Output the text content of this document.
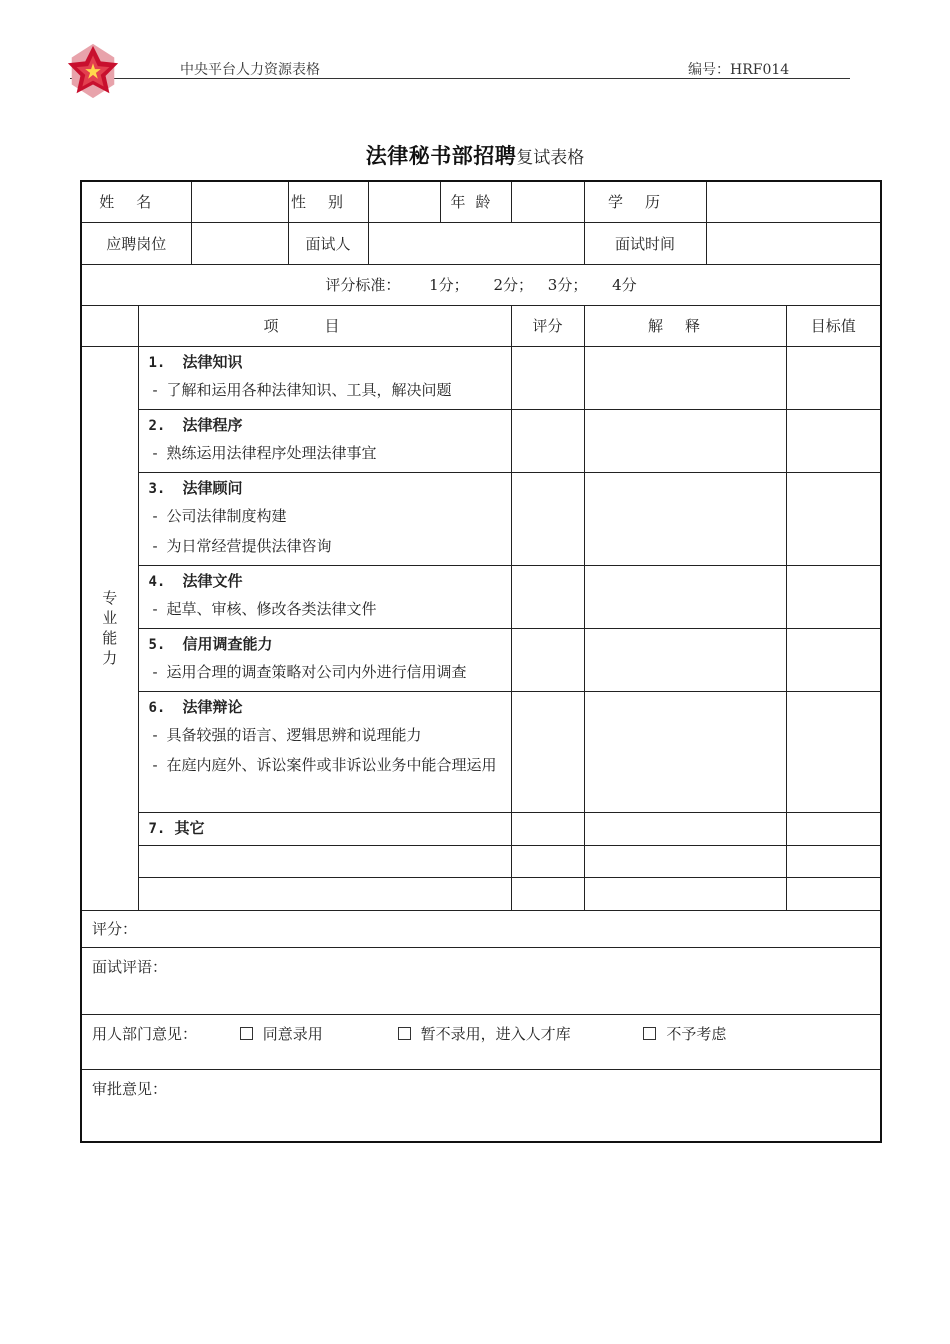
中央平台人力资源表格	编号：HRF014
法律秘书部招聘复试表格
姓名			性别		年龄		学历		
应聘岗位			面试人				面试时间		
评分标准： 1分； 2分； 3分； 4分									
	项目					评分	解释		目标值

专业能力	1. 法律知识
- 了解和运用各种法律知识、工具，解决问题								

	2. 法律程序
- 熟练运用法律程序处理法律事宜								

	3. 法律顾问
- 公司法律制度构建
- 为日常经营提供法律咨询								

	4. 法律文件
- 起草、审核、修改各类法律文件								

	5. 信用调查能力
- 运用合理的调查策略对公司内外进行信用调查								

	6. 法律辩论
- 具备较强的语言、逻辑思辨和说理能力
- 在庭内庭外、诉讼案件或非诉讼业务中能合理运用								

	7. 其它								

评分：									
面试评语：									
用人部门意见： 同意录用 暂不录用，进入人才库 不予考虑									
审批意见：									
